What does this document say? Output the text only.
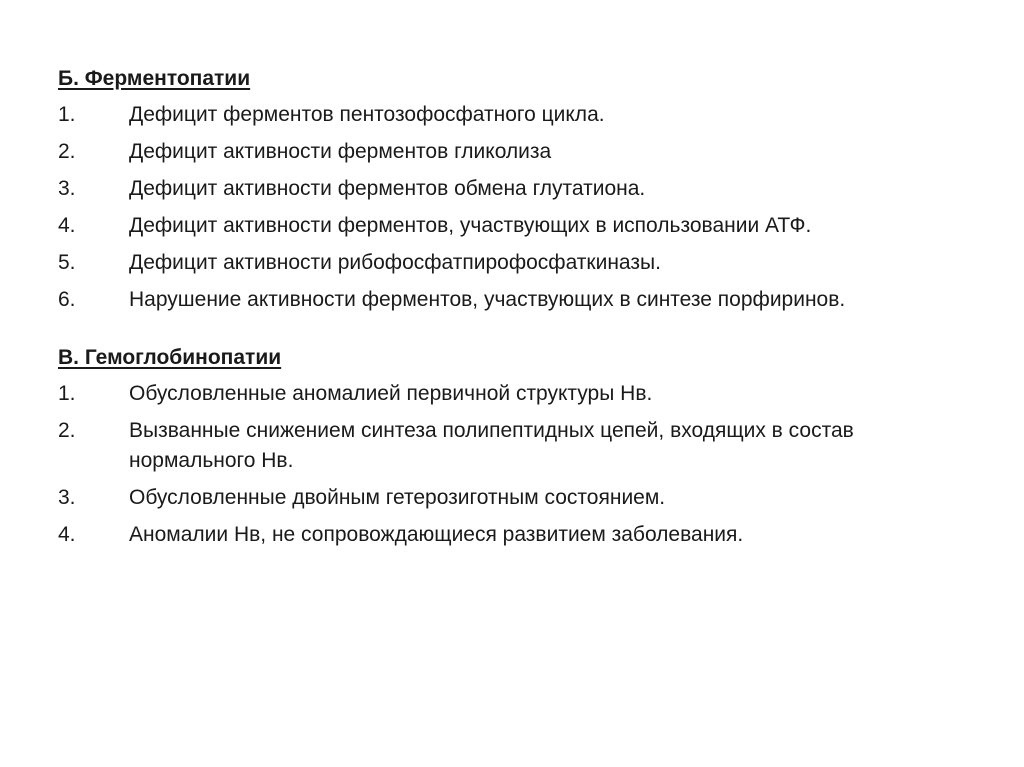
Б. Ферментопатии
1.	Дефицит ферментов пентозофосфатного цикла.
2.	Дефицит активности ферментов гликолиза
3.	Дефицит активности ферментов обмена глутатиона.
4.	Дефицит активности ферментов, участвующих в использовании АТФ.
5.	Дефицит активности рибофосфатпирофосфаткиназы.
6.	Нарушение активности ферментов, участвующих в синтезе порфиринов.
В. Гемоглобинопатии
1.	Обусловленные аномалией первичной структуры Нв.
2.	Вызванные снижением синтеза полипептидных цепей, входящих в состав нормального Нв.
3.	Обусловленные двойным гетерозиготным состоянием.
4.	Аномалии Нв, не сопровождающиеся развитием заболевания.
